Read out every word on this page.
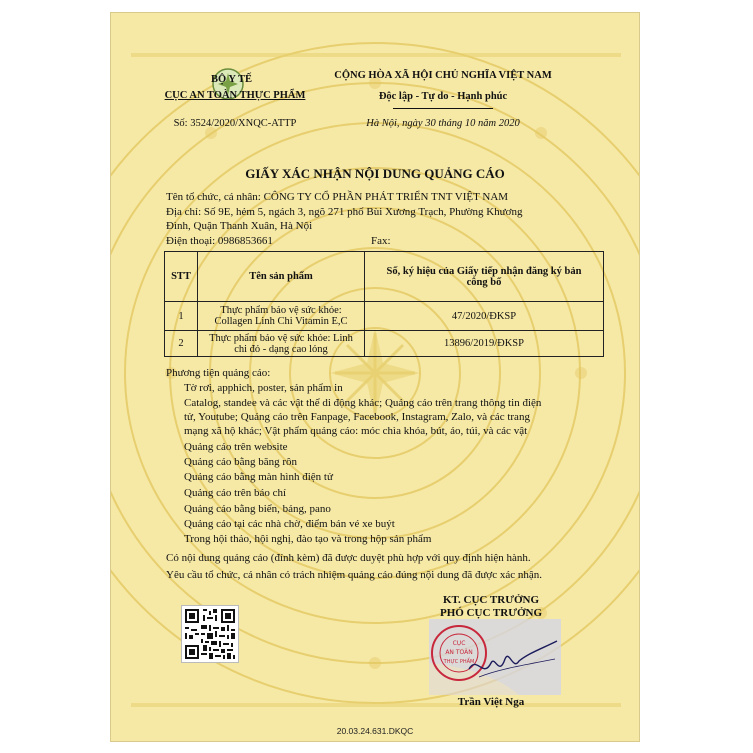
BỘ Y TẾ
CỤC AN TOÀN THỰC PHẨM
Số: 3524/2020/XNQC-ATTP
CỘNG HÒA XÃ HỘI CHỦ NGHĨA VIỆT NAM
Độc lập - Tự do - Hạnh phúc
Hà Nội, ngày 30 tháng 10 năm 2020
GIẤY XÁC NHẬN NỘI DUNG QUẢNG CÁO
Tên tổ chức, cá nhân: CÔNG TY CỔ PHẦN PHÁT TRIỂN TNT VIỆT NAM
Địa chỉ: Số 9E, hẻm 5, ngách 3, ngõ 271 phố Bùi Xương Trạch, Phường Khương
Đình, Quận Thanh Xuân, Hà Nội
Điện thoại: 0986853661	Fax:
STT	Tên sản phẩm	Số, ký hiệu của Giấy tiếp nhận đăng ký bản
công bố
1	Thực phẩm bảo vệ sức khỏe:
Collagen Linh Chi Vitamin E,C	47/2020/ĐKSP
2	Thực phẩm bảo vệ sức khỏe: Linh
chi đỏ - dạng cao lỏng	13896/2019/ĐKSP
Phương tiện quảng cáo:
Tờ rơi, apphich, poster, sản phẩm in
Catalog, standee và các vật thể di động khác; Quảng cáo trên trang thông tin điện
tử, Youtube; Quảng cáo trên Fanpage, Facebook, Instagram, Zalo, và các trang
mạng xã hộ khác; Vật phẩm quảng cáo: móc chìa khóa, bút, áo, túi, và các vật
Quảng cáo trên website
Quảng cáo bằng băng rôn
Quảng cáo bằng màn hình điện tử
Quảng cáo trên báo chí
Quảng cáo bằng biển, bảng, pano
Quảng cáo tại các nhà chờ, điểm bán vé xe buýt
Trong hội thảo, hội nghị, đào tạo và trong hộp sản phẩm
Có nội dung quảng cáo (đính kèm) đã được duyệt phù hợp với quy định hiện hành.
Yêu cầu tổ chức, cá nhân có trách nhiệm quảng cáo đúng nội dung đã được xác nhận.
KT. CỤC TRƯỞNG
PHÓ CỤC TRƯỞNG
CỤC
AN TOÀN
THỰC PHẨM
Trần Việt Nga
20.03.24.631.DKQC
